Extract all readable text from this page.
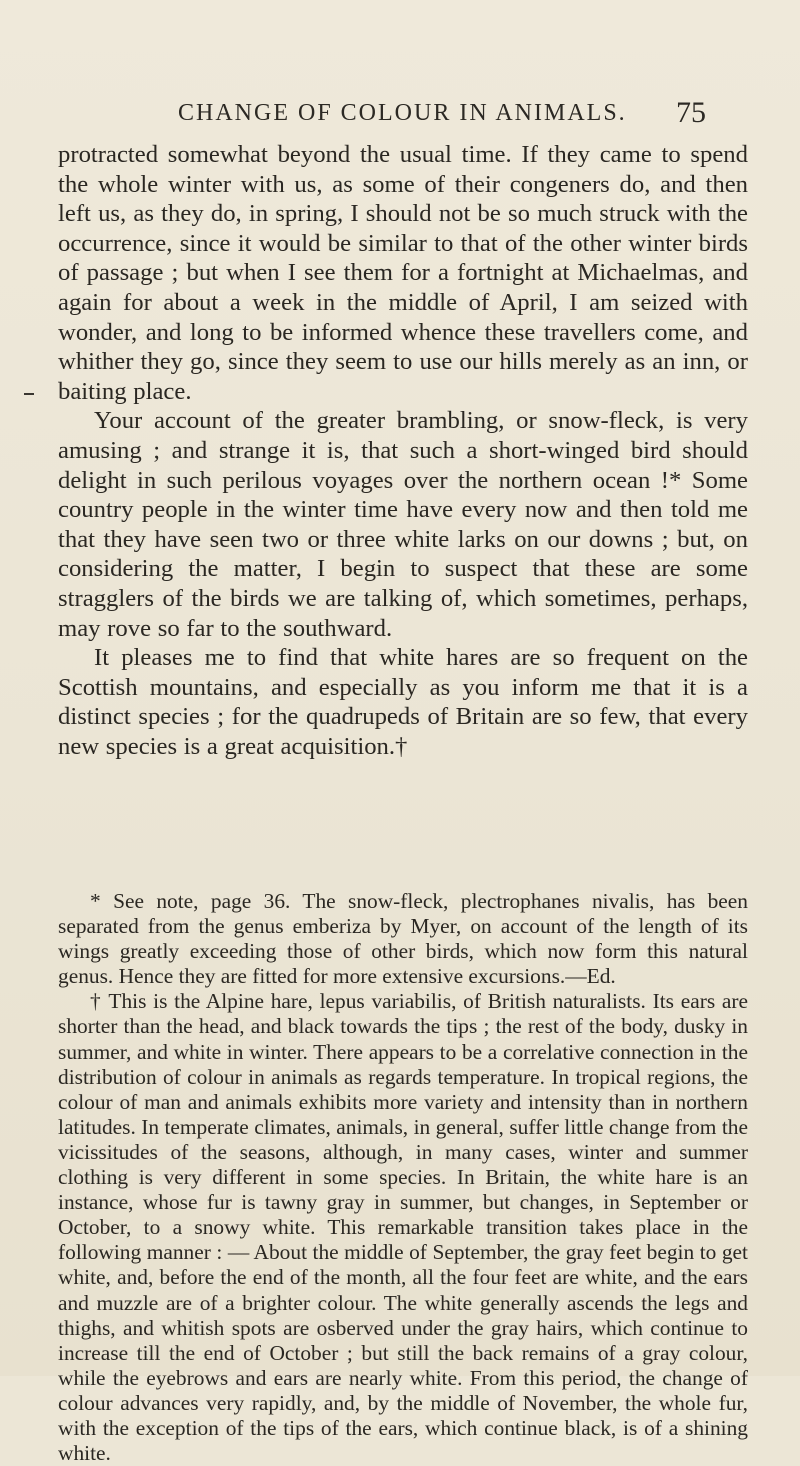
CHANGE OF COLOUR IN ANIMALS. 75

protracted somewhat beyond the usual time. If they came to spend the whole winter with us, as some of their congeners do, and then left us, as they do, in spring, I should not be so much struck with the occurrence, since it would be similar to that of the other winter birds of passage ; but when I see them for a fortnight at Michaelmas, and again for about a week in the middle of April, I am seized with wonder, and long to be informed whence these travellers come, and whither they go, since they seem to use our hills merely as an inn, or baiting place.

Your account of the greater brambling, or snow-fleck, is very amusing ; and strange it is, that such a short-winged bird should delight in such perilous voyages over the northern ocean !* Some country people in the winter time have every now and then told me that they have seen two or three white larks on our downs ; but, on considering the matter, I begin to suspect that these are some stragglers of the birds we are talking of, which sometimes, perhaps, may rove so far to the southward.

It pleases me to find that white hares are so frequent on the Scottish mountains, and especially as you inform me that it is a distinct species ; for the quadrupeds of Britain are so few, that every new species is a great acquisition.†

* See note, page 36. The snow-fleck, plectrophanes nivalis, has been separated from the genus emberiza by Myer, on account of the length of its wings greatly exceeding those of other birds, which now form this natural genus. Hence they are fitted for more extensive excursions.—Ed.

† This is the Alpine hare, lepus variabilis, of British naturalists. Its ears are shorter than the head, and black towards the tips ; the rest of the body, dusky in summer, and white in winter. There appears to be a correlative connection in the distribution of colour in animals as regards temperature. In tropical regions, the colour of man and animals exhibits more variety and intensity than in northern latitudes. In temperate climates, animals, in general, suffer little change from the vicissitudes of the seasons, although, in many cases, winter and summer clothing is very different in some species. In Britain, the white hare is an instance, whose fur is tawny gray in summer, but changes, in September or October, to a snowy white. This remarkable transition takes place in the following manner : — About the middle of September, the gray feet begin to get white, and, before the end of the month, all the four feet are white, and the ears and muzzle are of a brighter colour. The white generally ascends the legs and thighs, and whitish spots are osberved under the gray hairs, which continue to increase till the end of October ; but still the back remains of a gray colour, while the eyebrows and ears are nearly white. From this period, the change of colour advances very rapidly, and, by the middle of November, the whole fur, with the exception of the tips of the ears, which continue black, is of a shining white.
